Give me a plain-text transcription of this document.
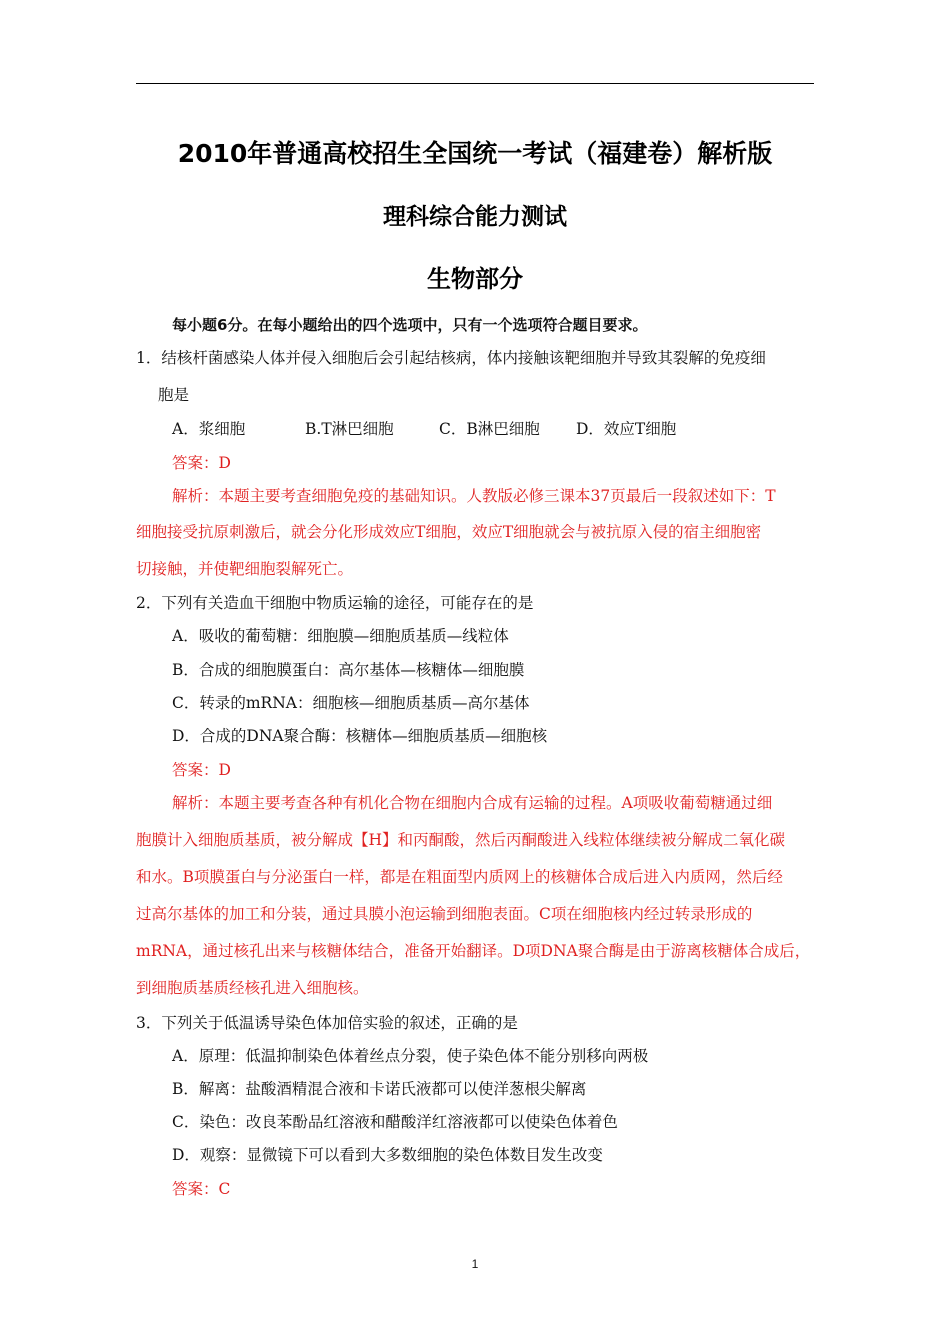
2010年普通高校招生全国统一考试（福建卷）解析版
理科综合能力测试
生物部分
每小题6分。在每小题给出的四个选项中，只有一个选项符合题目要求。
1．结核杆菌感染人体并侵入细胞后会引起结核病，体内接触该靶细胞并导致其裂解的免疫细
胞是
A．浆细胞	B.T淋巴细胞	C．B淋巴细胞 D．效应T细胞
答案：D
解析：本题主要考查细胞免疫的基础知识。人教版必修三课本37页最后一段叙述如下：T
细胞接受抗原刺激后，就会分化形成效应T细胞，效应T细胞就会与被抗原入侵的宿主细胞密
切接触，并使靶细胞裂解死亡。
2．下列有关造血干细胞中物质运输的途径，可能存在的是
A．吸收的葡萄糖：细胞膜—细胞质基质—线粒体
B．合成的细胞膜蛋白：高尔基体—核糖体—细胞膜
C．转录的mRNA：细胞核—细胞质基质—高尔基体
D．合成的DNA聚合酶：核糖体—细胞质基质—细胞核
答案：D
解析：本题主要考查各种有机化合物在细胞内合成有运输的过程。A项吸收葡萄糖通过细
胞膜计入细胞质基质，被分解成【H】和丙酮酸，然后丙酮酸进入线粒体继续被分解成二氧化碳
和水。B项膜蛋白与分泌蛋白一样，都是在粗面型内质网上的核糖体合成后进入内质网，然后经
过高尔基体的加工和分装，通过具膜小泡运输到细胞表面。C项在细胞核内经过转录形成的
mRNA，通过核孔出来与核糖体结合，准备开始翻译。D项DNA聚合酶是由于游离核糖体合成后，
到细胞质基质经核孔进入细胞核。
3．下列关于低温诱导染色体加倍实验的叙述，正确的是
A．原理：低温抑制染色体着丝点分裂，使子染色体不能分别移向两极
B．解离：盐酸酒精混合液和卡诺氏液都可以使洋葱根尖解离
C．染色：改良苯酚品红溶液和醋酸洋红溶液都可以使染色体着色
D．观察：显微镜下可以看到大多数细胞的染色体数目发生改变
答案：C
1
